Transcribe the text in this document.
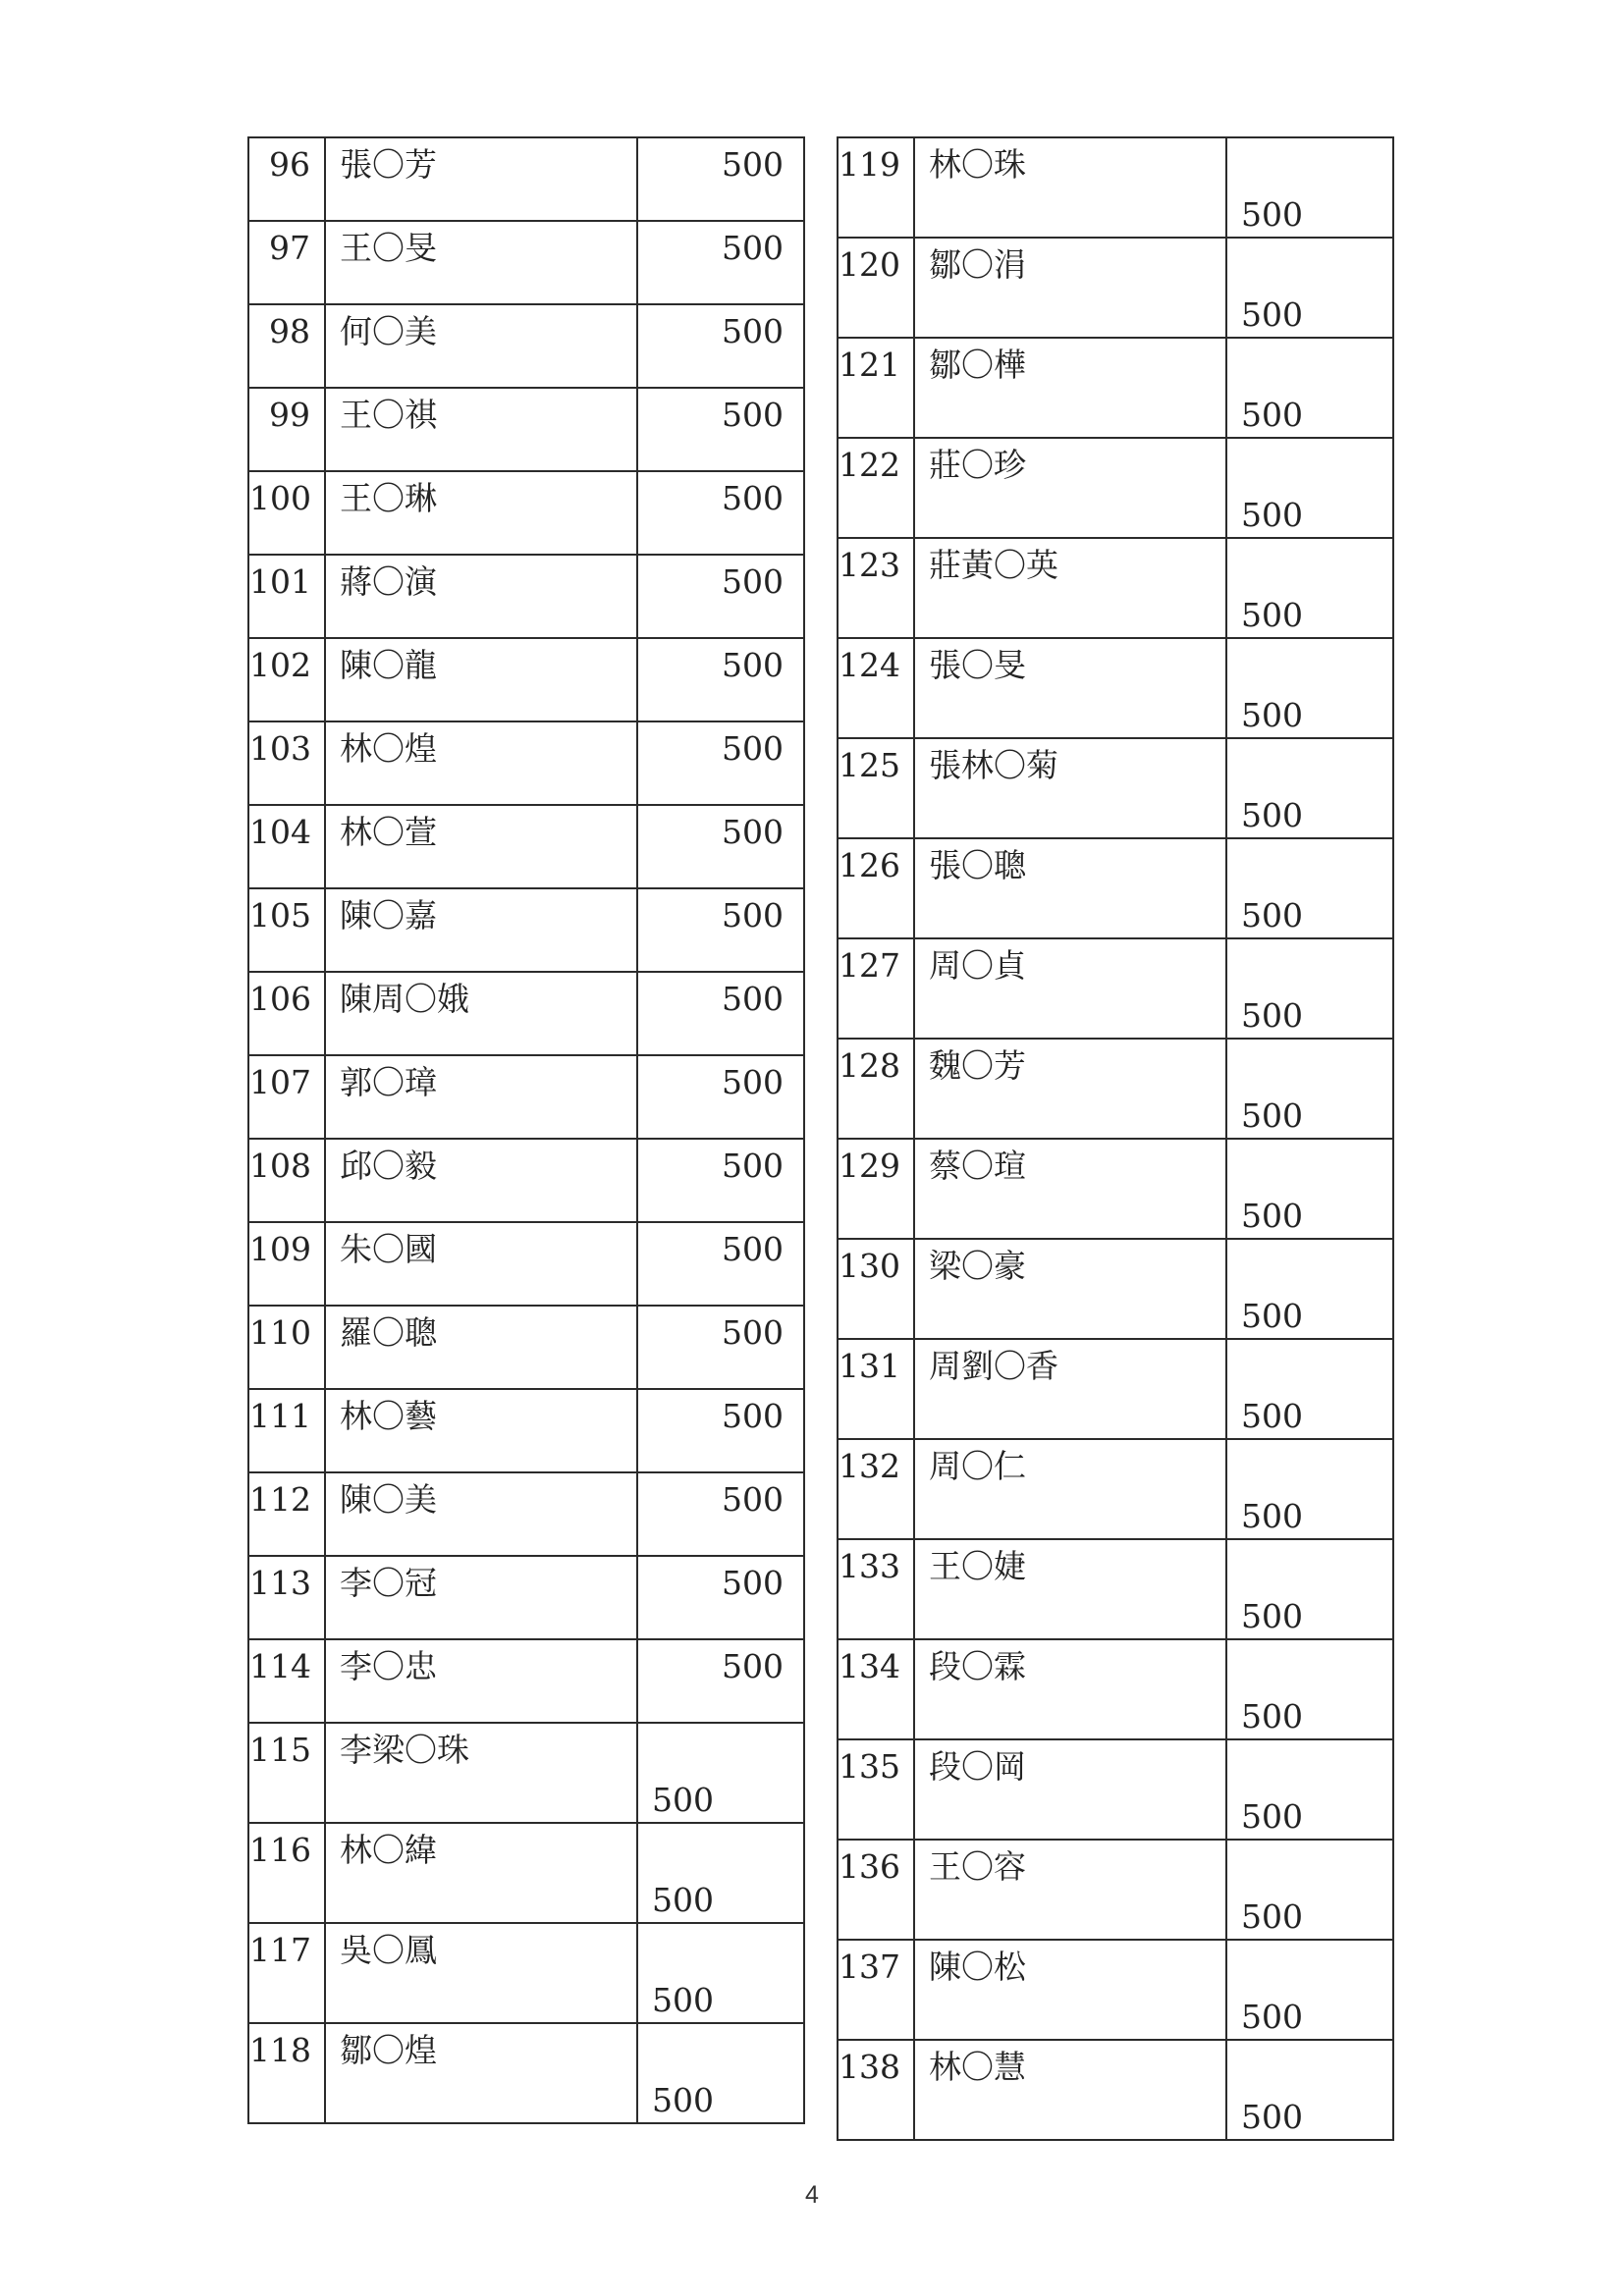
96	張〇芳	500
97	王〇旻	500
98	何〇美	500
99	王〇祺	500
100	王〇琳	500
101	蔣〇演	500
102	陳〇龍	500
103	林〇煌	500
104	林〇萱	500
105	陳〇嘉	500
106	陳周〇娥	500
107	郭〇璋	500
108	邱〇毅	500
109	朱〇國	500
110	羅〇聰	500
111	林〇藝	500
112	陳〇美	500
113	李〇冠	500
114	李〇忠	500
115	李梁〇珠	500
116	林〇緯	500
117	吳〇鳳	500
118	鄒〇煌	500
119	林〇珠	500
120	鄒〇涓	500
121	鄒〇樺	500
122	莊〇珍	500
123	莊黃〇英	500
124	張〇旻	500
125	張林〇菊	500
126	張〇聰	500
127	周〇貞	500
128	魏〇芳	500
129	蔡〇瑄	500
130	梁〇豪	500
131	周劉〇香	500
132	周〇仁	500
133	王〇婕	500
134	段〇霖	500
135	段〇岡	500
136	王〇容	500
137	陳〇松	500
138	林〇慧	500
4
